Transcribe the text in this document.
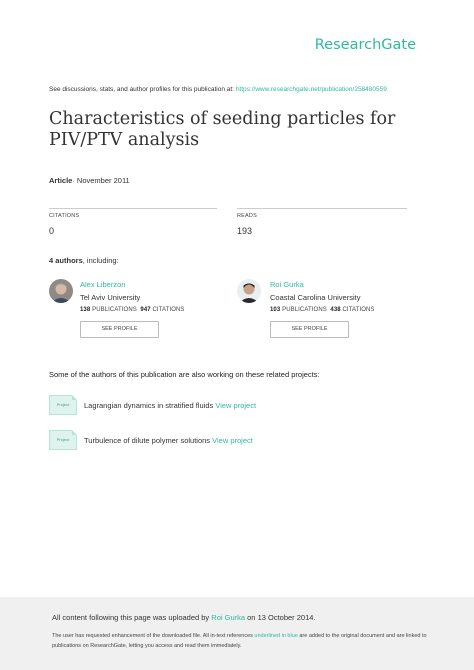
ResearchGate
See discussions, stats, and author profiles for this publication at: https://www.researchgate.net/publication/258480559
Characteristics of seeding particles for PIV/PTV analysis
Article· November 2011
CITATIONS
0
READS
193
4 authors, including:
Alex Liberzon
Tel Aviv University
138 PUBLICATIONS 947 CITATIONS
SEE PROFILE
Roi Gurka
Coastal Carolina University
103 PUBLICATIONS 438 CITATIONS
SEE PROFILE
Some of the authors of this publication are also working on these related projects:
Project	Lagrangian dynamics in stratified fluids View project
Project	Turbulence of dilute polymer solutions View project
All content following this page was uploaded by Roi Gurka on 13 October 2014.
The user has requested enhancement of the downloaded file. All in-text references underlined in blue are added to the original document and are linked to publications on ResearchGate, letting you access and read them immediately.
